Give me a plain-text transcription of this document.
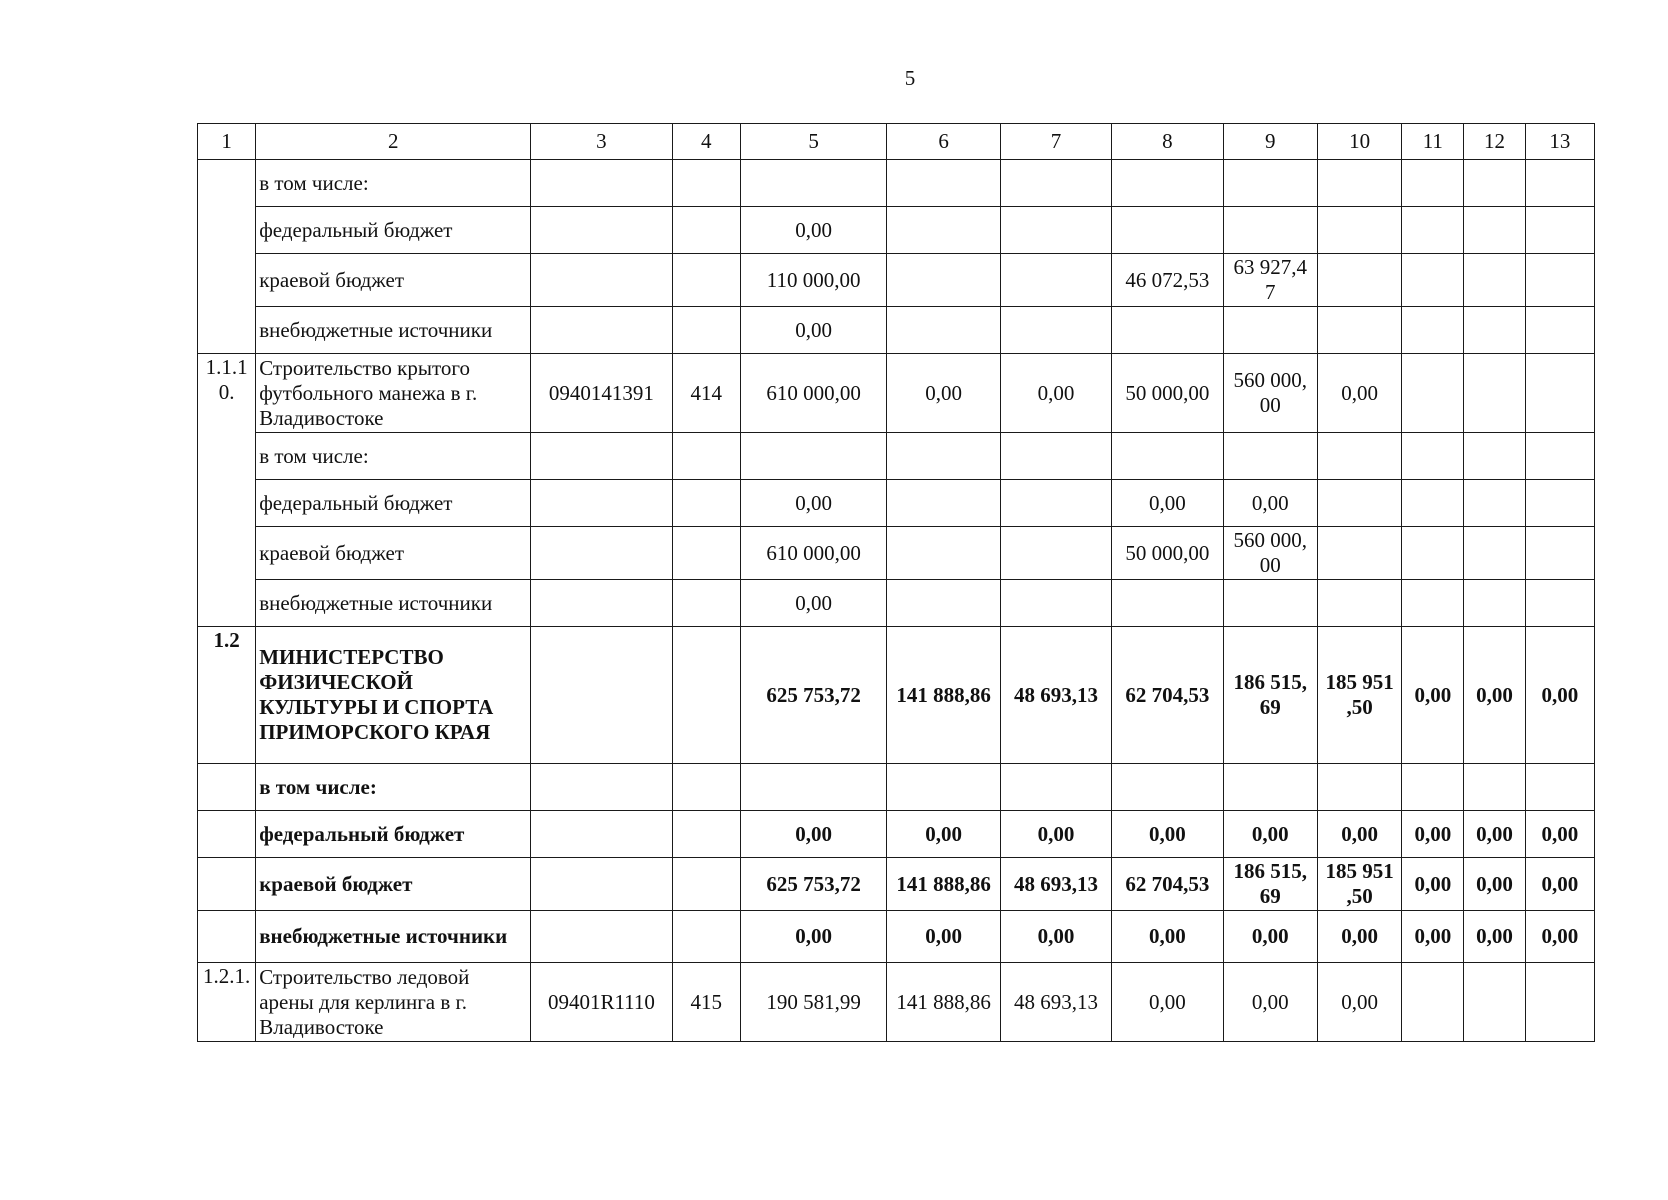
5
1	2	3	4	5	6	7	8	9	10	11	12	13
	в том числе:											
	федеральный бюджет			0,00								
	краевой бюджет			110 000,00			46 072,53	63 927,4 7				
	внебюджетные источники			0,00								
1.1.1 0.	Строительство крытого футбольного манежа в г. Владивостоке	0940141391	414	610 000,00	0,00	0,00	50 000,00	560 000, 00	0,00			
	в том числе:											
	федеральный бюджет			0,00			0,00	0,00				
	краевой бюджет			610 000,00			50 000,00	560 000, 00				
	внебюджетные источники			0,00								
1.2	МИНИСТЕРСТВО ФИЗИЧЕСКОЙ КУЛЬТУРЫ И СПОРТА ПРИМОРСКОГО КРАЯ			625 753,72	141 888,86	48 693,13	62 704,53	186 515, 69	185 951 ,50	0,00	0,00	0,00
	в том числе:											
	федеральный бюджет			0,00	0,00	0,00	0,00	0,00	0,00	0,00	0,00	0,00
	краевой бюджет			625 753,72	141 888,86	48 693,13	62 704,53	186 515, 69	185 951 ,50	0,00	0,00	0,00
	внебюджетные источники			0,00	0,00	0,00	0,00	0,00	0,00	0,00	0,00	0,00
1.2.1.	Строительство ледовой арены для керлинга в г. Владивостоке	09401R1110	415	190 581,99	141 888,86	48 693,13	0,00	0,00	0,00			
